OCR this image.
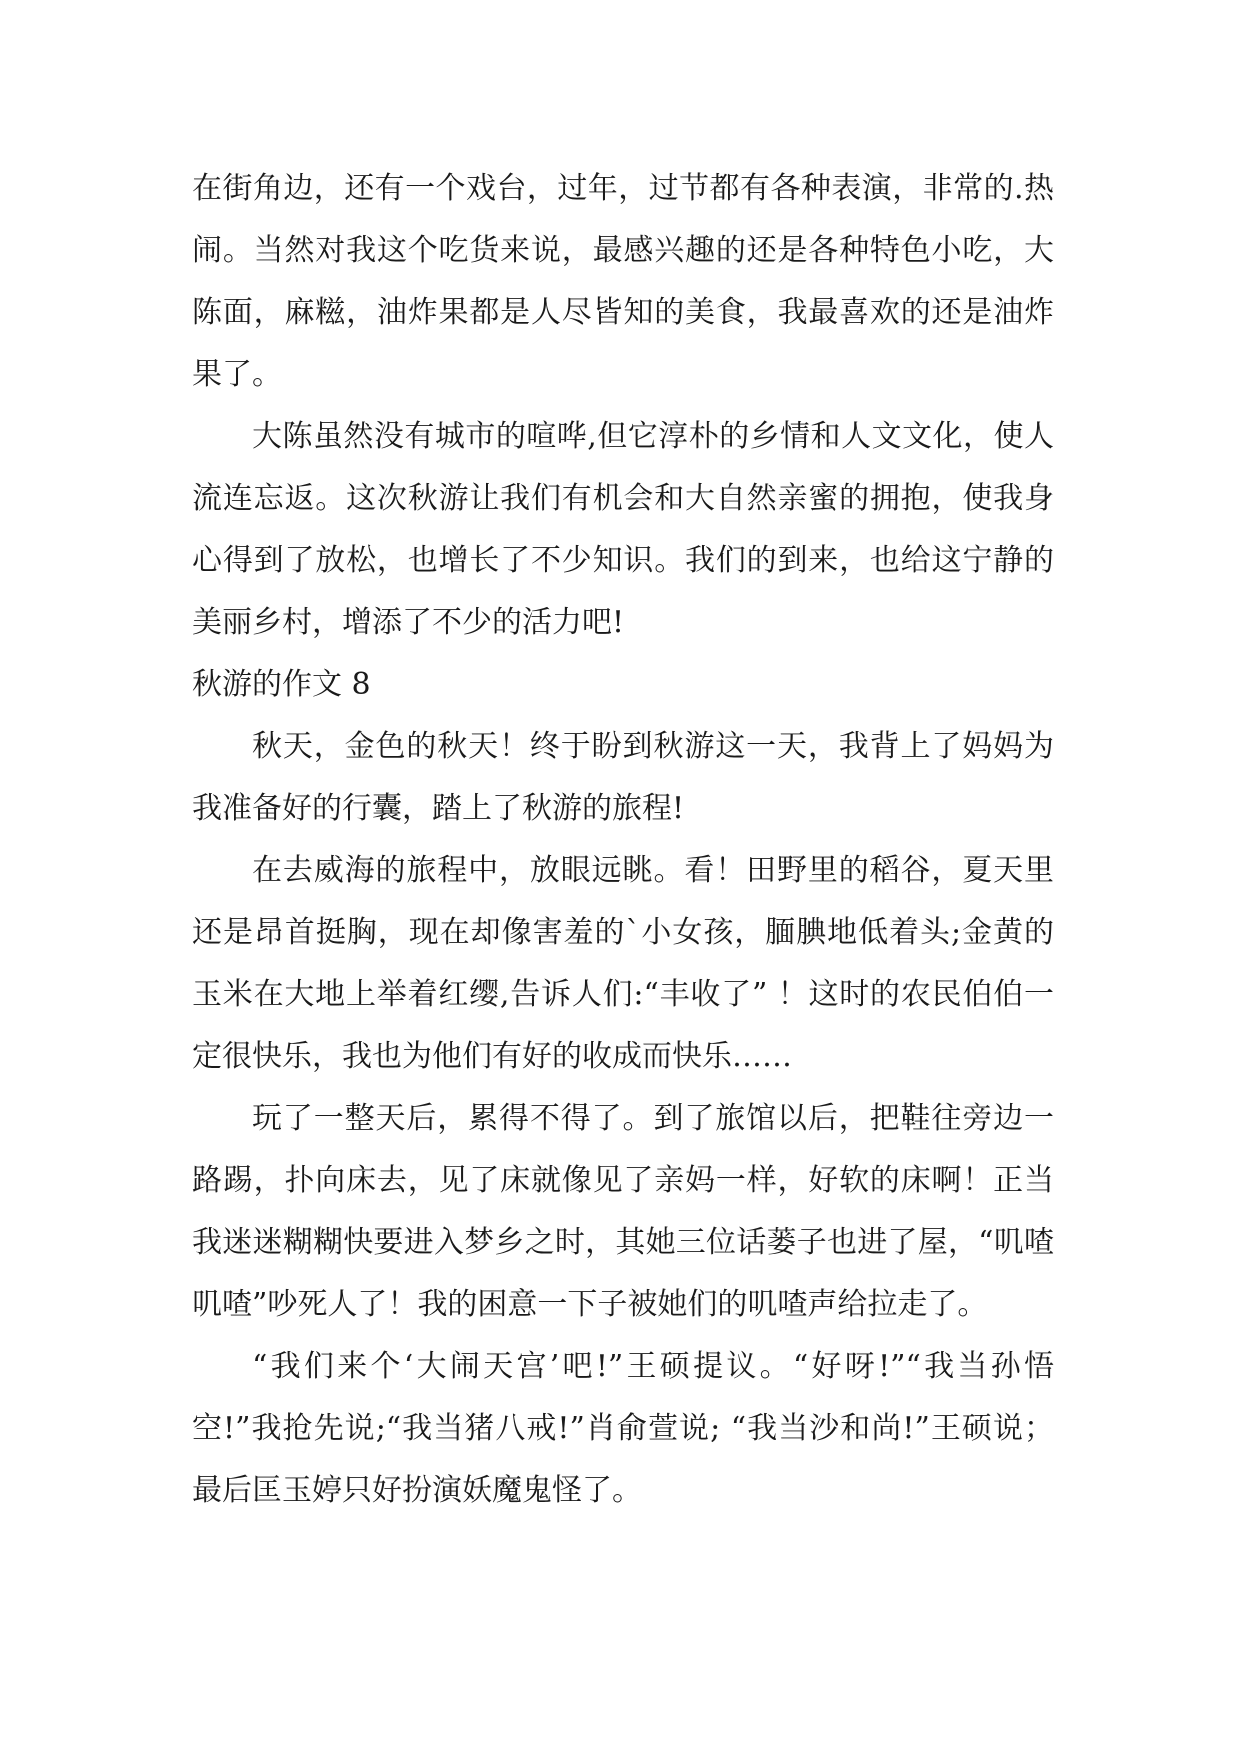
在街角边，还有一个戏台，过年，过节都有各种表演，非常的.热闹。当然对我这个吃货来说，最感兴趣的还是各种特色小吃，大陈面，麻糍，油炸果都是人尽皆知的美食，我最喜欢的还是油炸果了。

大陈虽然没有城市的喧哗,但它淳朴的乡情和人文文化，使人流连忘返。这次秋游让我们有机会和大自然亲蜜的拥抱，使我身心得到了放松，也增长了不少知识。我们的到来，也给这宁静的美丽乡村，增添了不少的活力吧!

秋游的作文 8

秋天，金色的秋天！终于盼到秋游这一天，我背上了妈妈为我准备好的行囊，踏上了秋游的旅程!

在去威海的旅程中，放眼远眺。看！田野里的稻谷，夏天里还是昂首挺胸，现在却像害羞的`小女孩，腼腆地低着头;金黄的玉米在大地上举着红缨,告诉人们:“丰收了” ！这时的农民伯伯一定很快乐，我也为他们有好的收成而快乐……

玩了一整天后，累得不得了。到了旅馆以后，把鞋往旁边一路踢，扑向床去，见了床就像见了亲妈一样，好软的床啊！正当我迷迷糊糊快要进入梦乡之时，其她三位话蒌子也进了屋，“叽喳叽喳”吵死人了！我的困意一下子被她们的叽喳声给拉走了。

“我们来个‘大闹天宫’吧!”王硕提议。“好呀!”“我当孙悟空!”我抢先说;“我当猪八戒!”肖俞萱说; “我当沙和尚!”王硕说；最后匡玉婷只好扮演妖魔鬼怪了。
